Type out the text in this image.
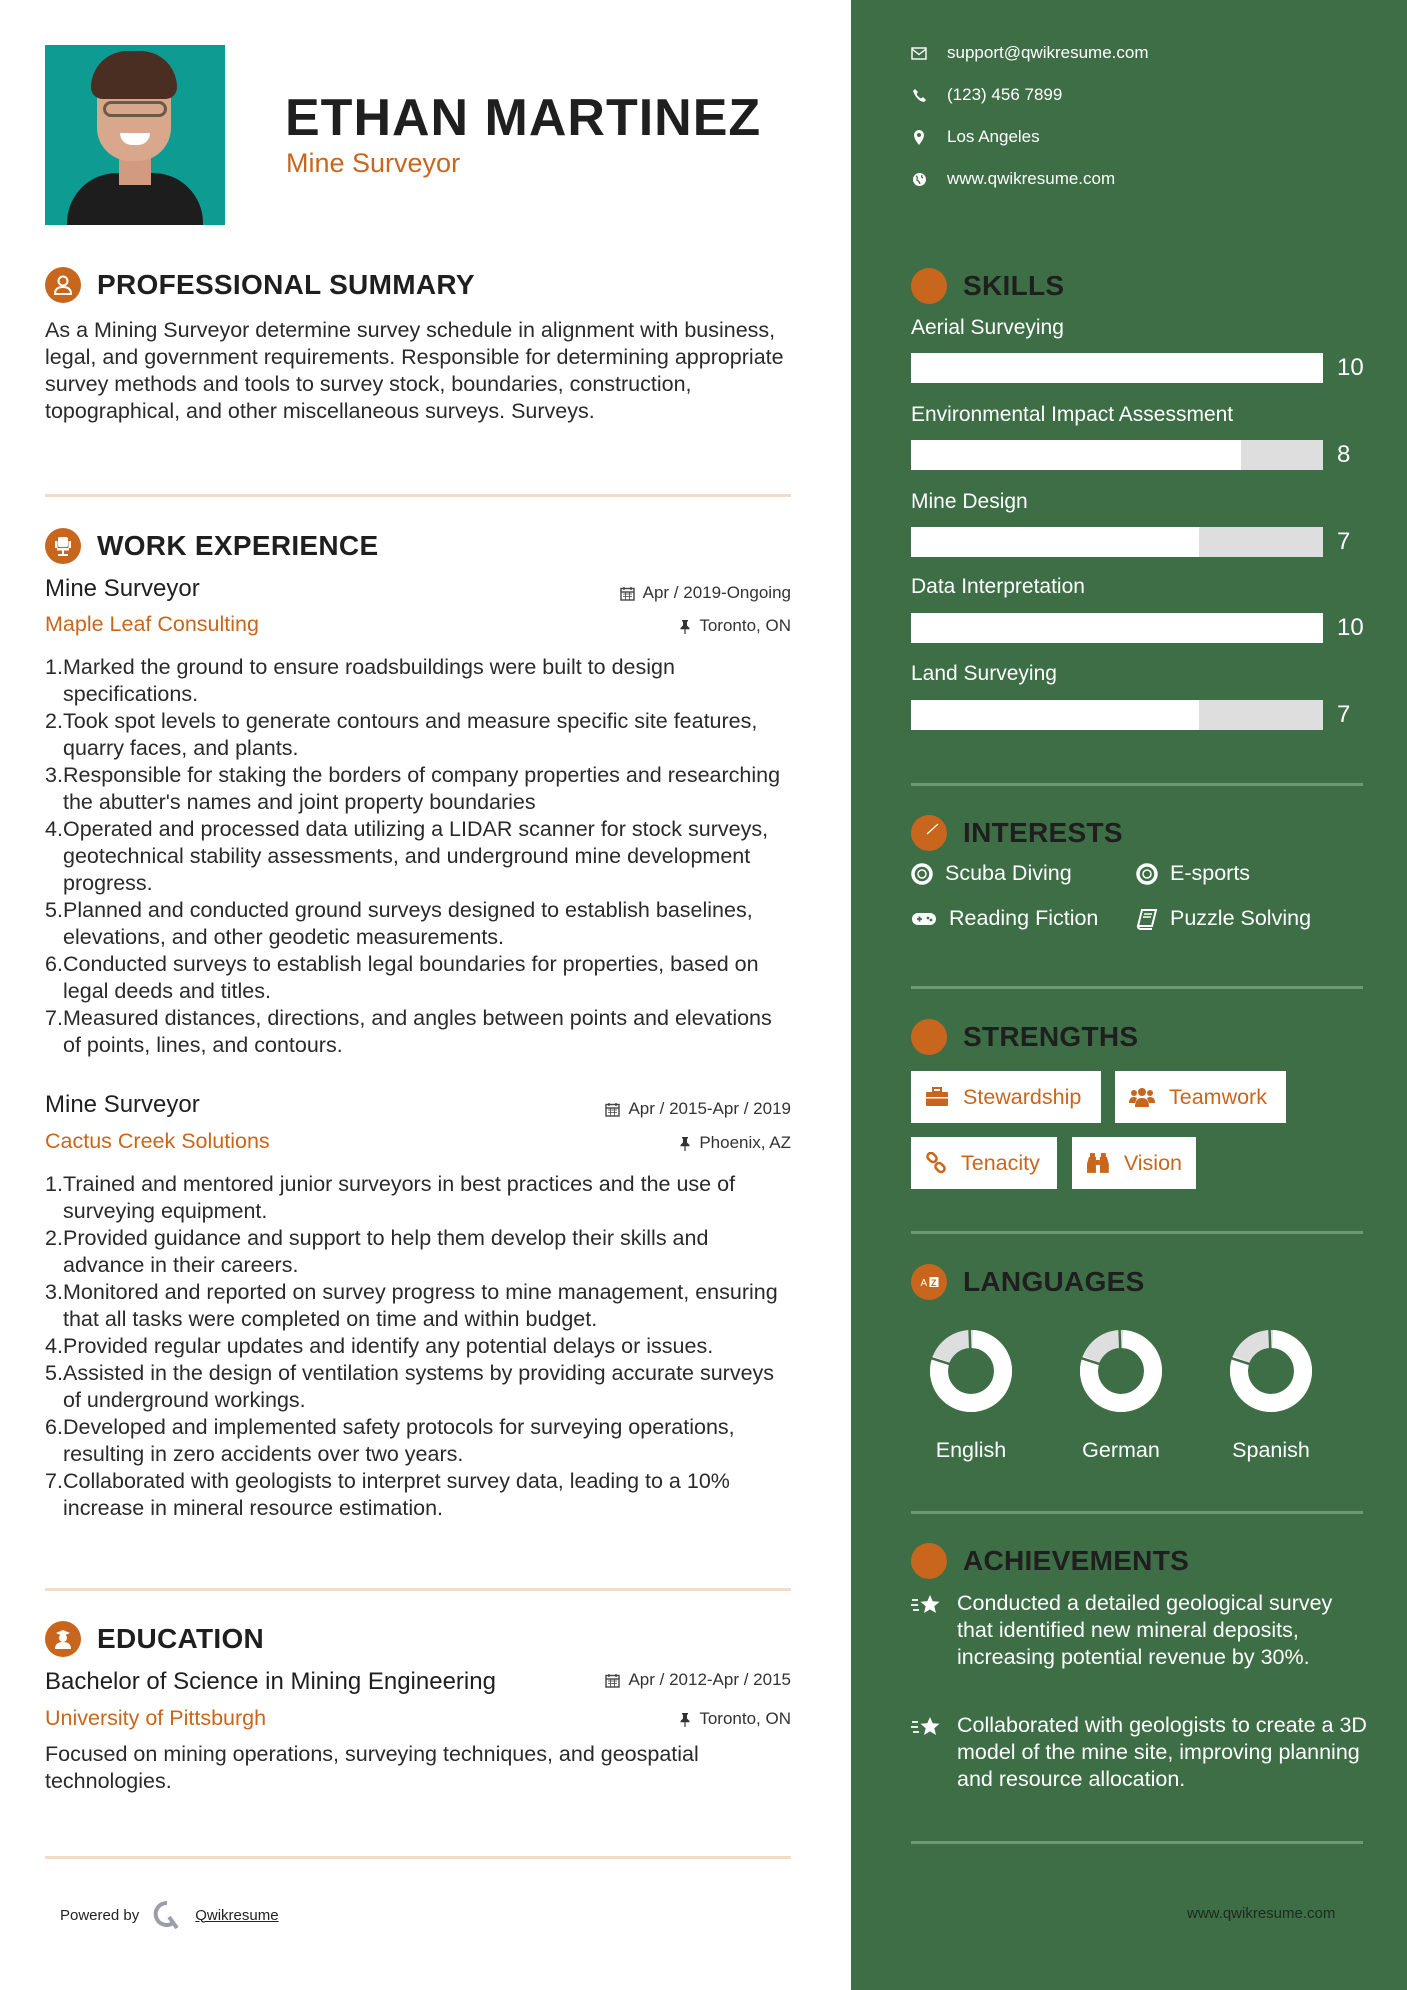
ETHAN MARTINEZ
Mine Surveyor
PROFESSIONAL SUMMARY
As a Mining Surveyor determine survey schedule in alignment with business, legal, and government requirements. Responsible for determining appropriate survey methods and tools to survey stock, boundaries, construction, topographical, and other miscellaneous surveys. Surveys.
WORK EXPERIENCE
Mine Surveyor	Apr / 2019-Ongoing
Maple Leaf Consulting	Toronto, ON
1. Marked the ground to ensure roadsbuildings were built to design specifications.
2. Took spot levels to generate contours and measure specific site features, quarry faces, and plants.
3. Responsible for staking the borders of company properties and researching the abutter's names and joint property boundaries
4. Operated and processed data utilizing a LIDAR scanner for stock surveys, geotechnical stability assessments, and underground mine development progress.
5. Planned and conducted ground surveys designed to establish baselines, elevations, and other geodetic measurements.
6. Conducted surveys to establish legal boundaries for properties, based on legal deeds and titles.
7. Measured distances, directions, and angles between points and elevations of points, lines, and contours.
Mine Surveyor	Apr / 2015-Apr / 2019
Cactus Creek Solutions	Phoenix, AZ
1. Trained and mentored junior surveyors in best practices and the use of surveying equipment.
2. Provided guidance and support to help them develop their skills and advance in their careers.
3. Monitored and reported on survey progress to mine management, ensuring that all tasks were completed on time and within budget.
4. Provided regular updates and identify any potential delays or issues.
5. Assisted in the design of ventilation systems by providing accurate surveys of underground workings.
6. Developed and implemented safety protocols for surveying operations, resulting in zero accidents over two years.
7. Collaborated with geologists to interpret survey data, leading to a 10% increase in mineral resource estimation.
EDUCATION
Bachelor of Science in Mining Engineering	Apr / 2012-Apr / 2015
University of Pittsburgh	Toronto, ON
Focused on mining operations, surveying techniques, and geospatial technologies.
Powered by	Qwikresume
support@qwikresume.com
(123) 456 7899
Los Angeles
www.qwikresume.com
SKILLS
Aerial Surveying
10
Environmental Impact Assessment
8
Mine Design
7
Data Interpretation
10
Land Surveying
7
INTERESTS
Scuba Diving	E-sports
Reading Fiction	Puzzle Solving
STRENGTHS
Stewardship	Teamwork
Tenacity	Vision
A Z LANGUAGES
English	German	Spanish
ACHIEVEMENTS
Conducted a detailed geological survey that identified new mineral deposits, increasing potential revenue by 30%.
Collaborated with geologists to create a 3D model of the mine site, improving planning and resource allocation.
www.qwikresume.com
